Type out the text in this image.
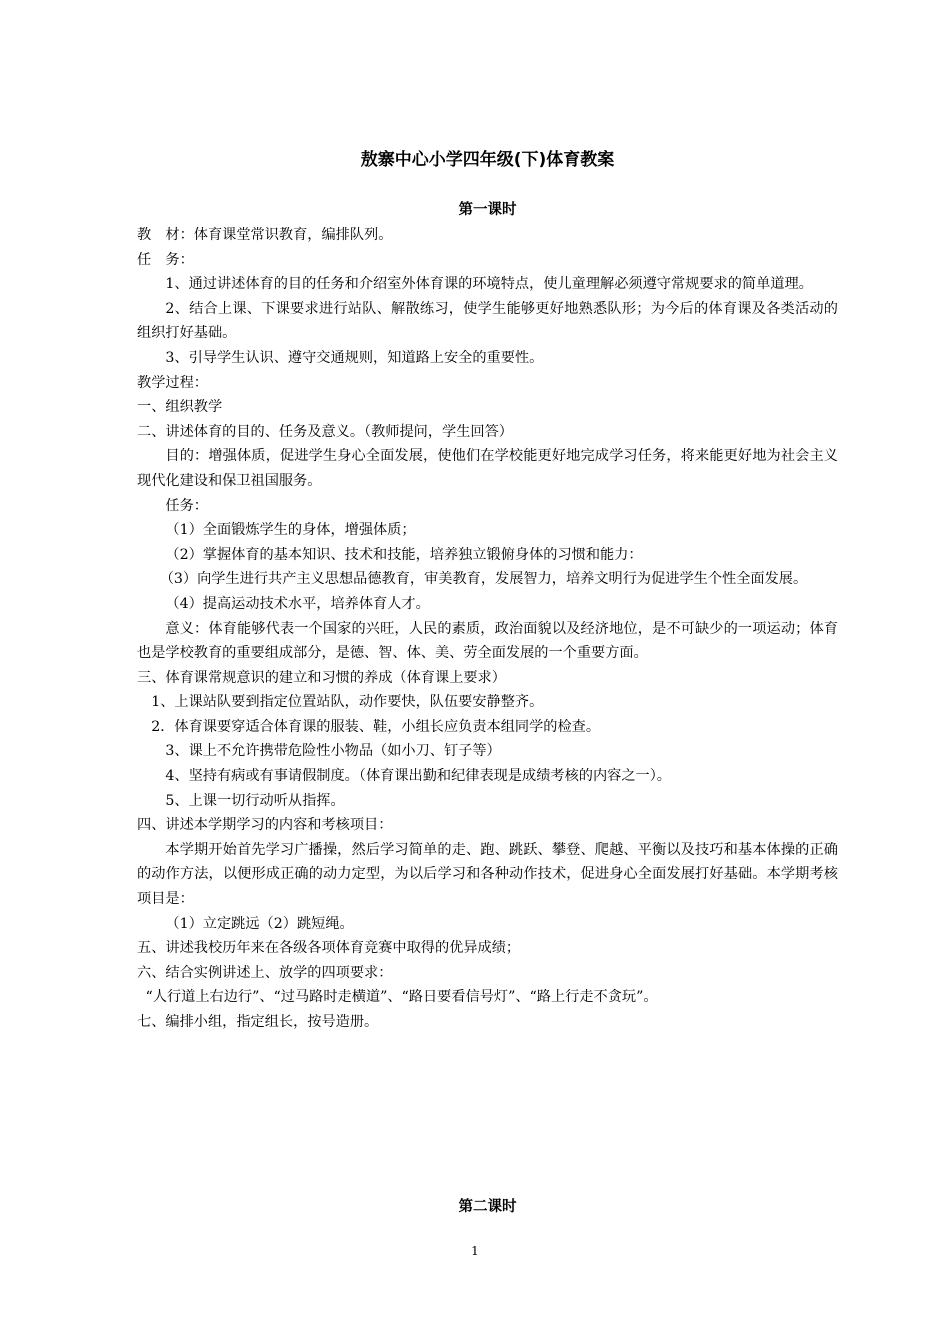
敖寨中心小学四年级(下)体育教案
第一课时

教　材：体育课堂常识教育，编排队列。

任　务：

1、通过讲述体育的目的任务和介绍室外体育课的环境特点，使儿童理解必须遵守常规要求的简单道理。

2、结合上课、下课要求进行站队、解散练习，使学生能够更好地熟悉队形；为今后的体育课及各类活动的组织打好基础。

3、引导学生认识、遵守交通规则，知道路上安全的重要性。

教学过程：

一、组织教学

二、讲述体育的目的、任务及意义。（教师提问，学生回答）

目的：增强体质，促进学生身心全面发展，使他们在学校能更好地完成学习任务，将来能更好地为社会主义现代化建设和保卫祖国服务。

任务：

（1）全面锻炼学生的身体，增强体质；

（2）掌握体育的基本知识、技术和技能，培养独立锻俯身体的习惯和能力：

（3）向学生进行共产主义思想品德教育，审美教育，发展智力，培养文明行为促进学生个性全面发展。

（4）提高运动技术水平，培养体育人才。

意义：体育能够代表一个国家的兴旺，人民的素质，政治面貌以及经济地位，是不可缺少的一项运动；体育也是学校教育的重要组成部分，是德、智、体、美、劳全面发展的一个重要方面。

三、体育课常规意识的建立和习惯的养成（体育课上要求）

1、上课站队要到指定位置站队，动作要快，队伍要安静整齐。

2．体育课要穿适合体育课的服装、鞋，小组长应负责本组同学的检查。

3、课上不允许携带危险性小物品（如小刀、钉子等）

4、坚持有病或有事请假制度。（体育课出勤和纪律表现是成绩考核的内容之一）。

5、上课一切行动听从指挥。

四、讲述本学期学习的内容和考核项目：

本学期开始首先学习广播操，然后学习简单的走、跑、跳跃、攀登、爬越、平衡以及技巧和基本体操的正确的动作方法，以便形成正确的动力定型，为以后学习和各种动作技术，促进身心全面发展打好基础。本学期考核项目是：

（1）立定跳远（2）跳短绳。

五、讲述我校历年来在各级各项体育竞赛中取得的优异成绩；

六、结合实例讲述上、放学的四项要求：

“人行道上右边行”、“过马路时走横道”、“路日要看信号灯”、“路上行走不贪玩”。

七、编排小组，指定组长，按号造册。

第二课时
1
